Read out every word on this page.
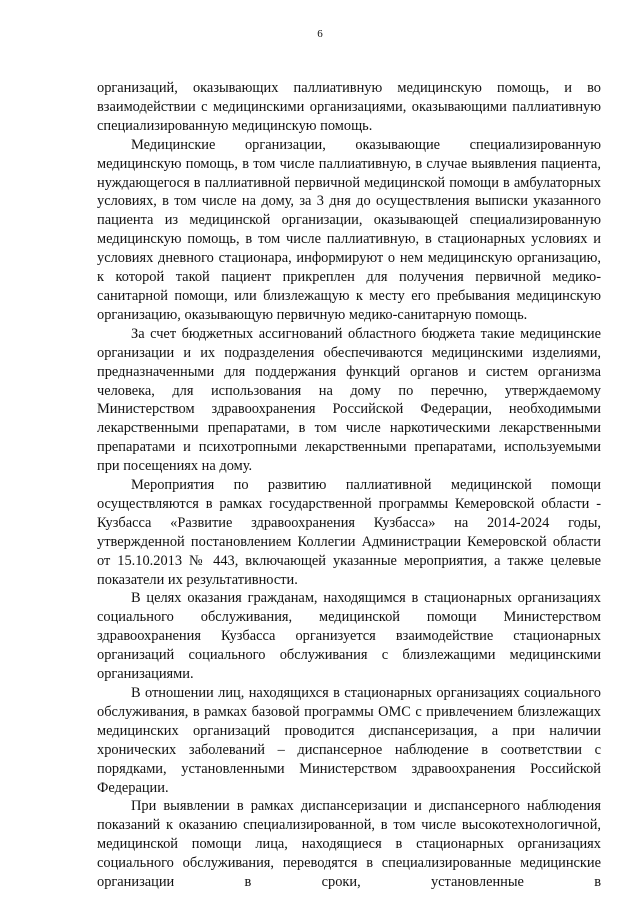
6

организаций, оказывающих паллиативную медицинскую помощь, и во взаимодействии с медицинскими организациями, оказывающими паллиативную специализированную медицинскую помощь.

Медицинские организации, оказывающие специализированную медицинскую помощь, в том числе паллиативную, в случае выявления пациента, нуждающегося в паллиативной первичной медицинской помощи в амбулаторных условиях, в том числе на дому, за 3 дня до осуществления выписки указанного пациента из медицинской организации, оказывающей специализированную медицинскую помощь, в том числе паллиативную, в стационарных условиях и условиях дневного стационара, информируют о нем медицинскую организацию, к которой такой пациент прикреплен для получения первичной медико-санитарной помощи, или близлежащую к месту его пребывания медицинскую организацию, оказывающую первичную медико-санитарную помощь.

За счет бюджетных ассигнований областного бюджета такие медицинские организации и их подразделения обеспечиваются медицинскими изделиями, предназначенными для поддержания функций органов и систем организма человека, для использования на дому по перечню, утверждаемому Министерством здравоохранения Российской Федерации, необходимыми лекарственными препаратами, в том числе наркотическими лекарственными препаратами и психотропными лекарственными препаратами, используемыми при посещениях на дому.

Мероприятия по развитию паллиативной медицинской помощи осуществляются в рамках государственной программы Кемеровской области - Кузбасса «Развитие здравоохранения Кузбасса» на 2014-2024 годы, утвержденной постановлением Коллегии Администрации Кемеровской области от 15.10.2013 № 443, включающей указанные мероприятия, а также целевые показатели их результативности.

В целях оказания гражданам, находящимся в стационарных организациях социального обслуживания, медицинской помощи Министерством здравоохранения Кузбасса организуется взаимодействие стационарных организаций социального обслуживания с близлежащими медицинскими организациями.

В отношении лиц, находящихся в стационарных организациях социального обслуживания, в рамках базовой программы ОМС с привлечением близлежащих медицинских организаций проводится диспансеризация, а при наличии хронических заболеваний – диспансерное наблюдение в соответствии с порядками, установленными Министерством здравоохранения Российской Федерации.

При выявлении в рамках диспансеризации и диспансерного наблюдения показаний к оказанию специализированной, в том числе высокотехнологичной, медицинской помощи лица, находящиеся в стационарных организациях социального обслуживания, переводятся в специализированные медицинские организации в сроки, установленные в
